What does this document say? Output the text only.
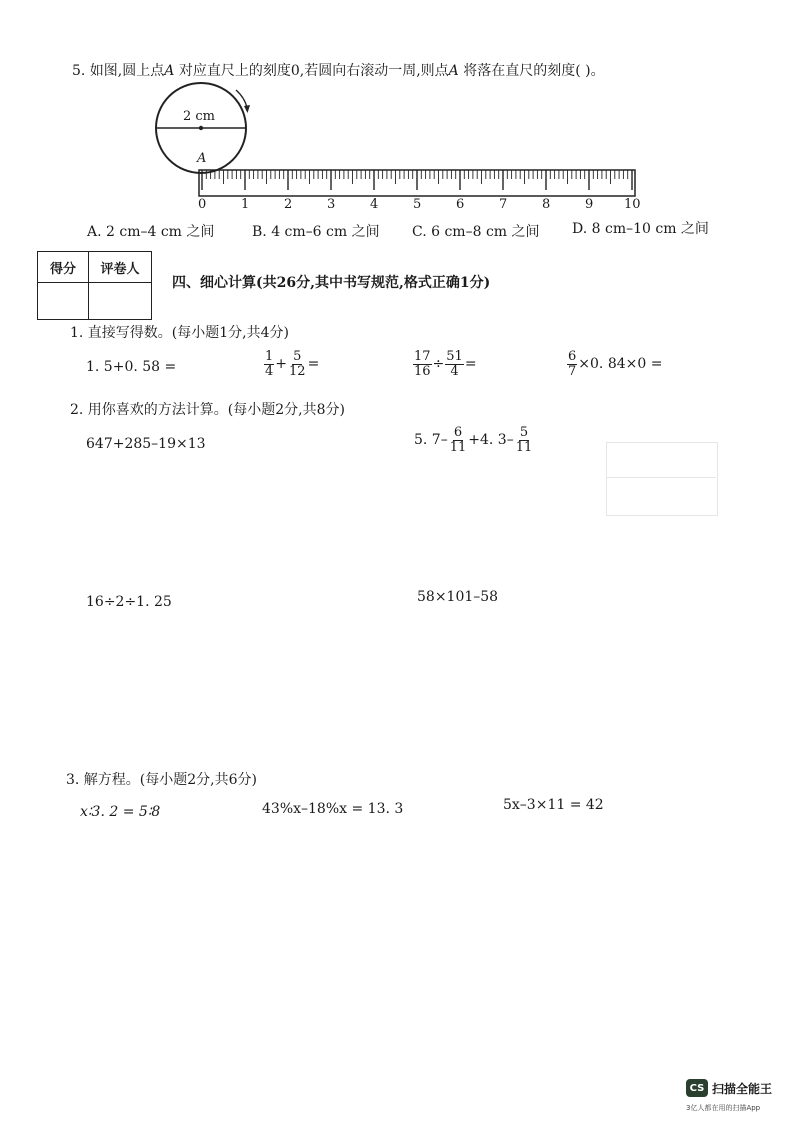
5. 如图,圆上点A 对应直尺上的刻度0,若圆向右滚动一周,则点A 将落在直尺的刻度( )。
2 cm
A
0	1	2	3	4	5	6	7	8	9 10
A. 2 cm–4 cm 之间	B. 4 cm–6 cm 之间 C. 6 cm–8 cm 之间 D. 8 cm–10 cm 之间
得分	评卷人

四、细心计算(共26分,其中书写规范,格式正确1分)
1. 直接写得数。(每小题1分,共4分)
1. 5+0. 58 =	$\frac{1}{4} + \frac{5}{12}$ =	$\frac{17}{16} \div \frac{51}{4}$ =	$\frac{6}{7} \times 0$. 84×0 =
2. 用你喜欢的方法计算。(每小题2分,共8分)
647+285–19×13	5. $7- \frac{6}{11} +4$. $3- \frac{5}{11}$
16÷2÷1. 25	58×101–58
3. 解方程。(每小题2分,共6分)
x∶3. 2 = 5∶8	43%x–18%x = 13. 3	5x–3×11 = 42
CS 扫描全能王
3亿人都在用的扫描App
